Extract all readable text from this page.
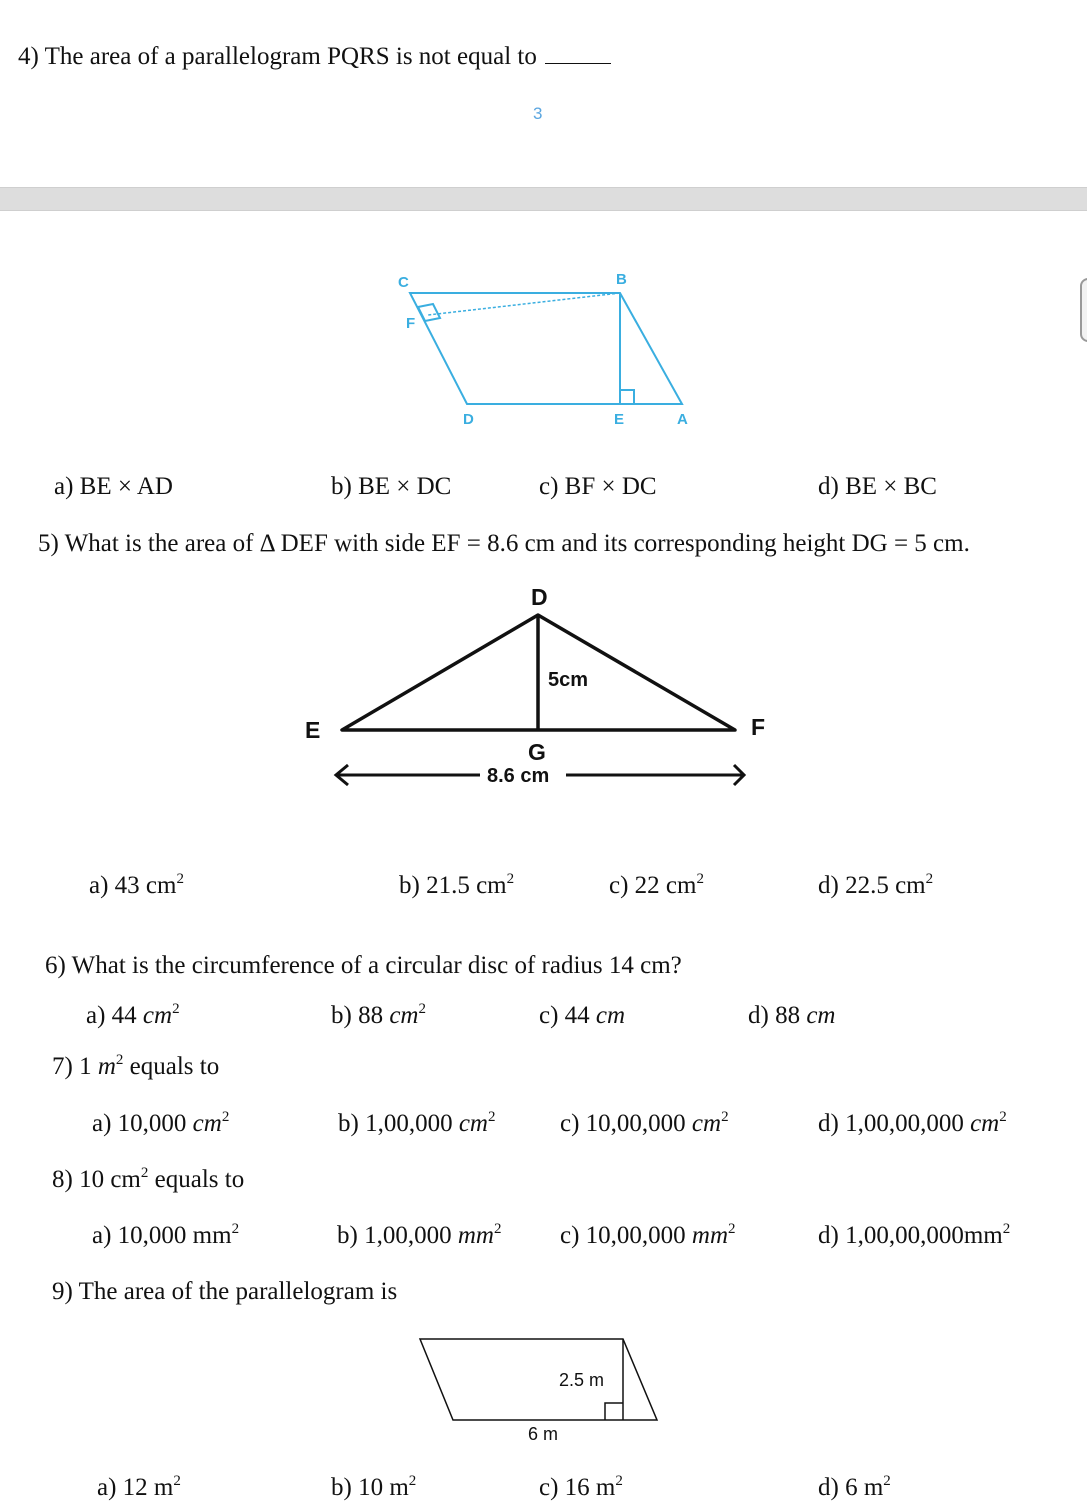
4) The area of a parallelogram PQRS is not equal to
3
C	B
F
D	E	A
a) BE × AD	b) BE × DC	c) BF × DC	d) BE × BC
5) What is the area of Δ DEF with side EF = 8.6 cm and its corresponding height DG = 5 cm.
D
E	F
G
5cm
8.6 cm
a) 43 $cm^2$	b) 21.5 $cm^2$	c) 22 $cm^2$	d) 22.5 $cm^2$
6) What is the circumference of a circular disc of radius 14 cm?
a) 44 $cm^2$	b) 88 $cm^2$	c) 44 cm	d) 88 cm
7) 1 $m^2$ equals to
a) 10,000 $cm^2$	b) 1,00,000 $cm^2$	c) 10,00,000 $cm^2$	d) 1,00,00,000 $cm^2$
8) 10 $cm^2$ equals to
a) 10,000 $mm^2$	b) 1,00,000 $mm^2$ c) 10,00,000 $mm^2$	d) $1,00,00,000mm^2$
9) The area of the parallelogram is
2.5 m
6 m
a) 12 $m^2$	b) 10 $m^2$	c) 16 $m^2$	d) 6 $m^2$
